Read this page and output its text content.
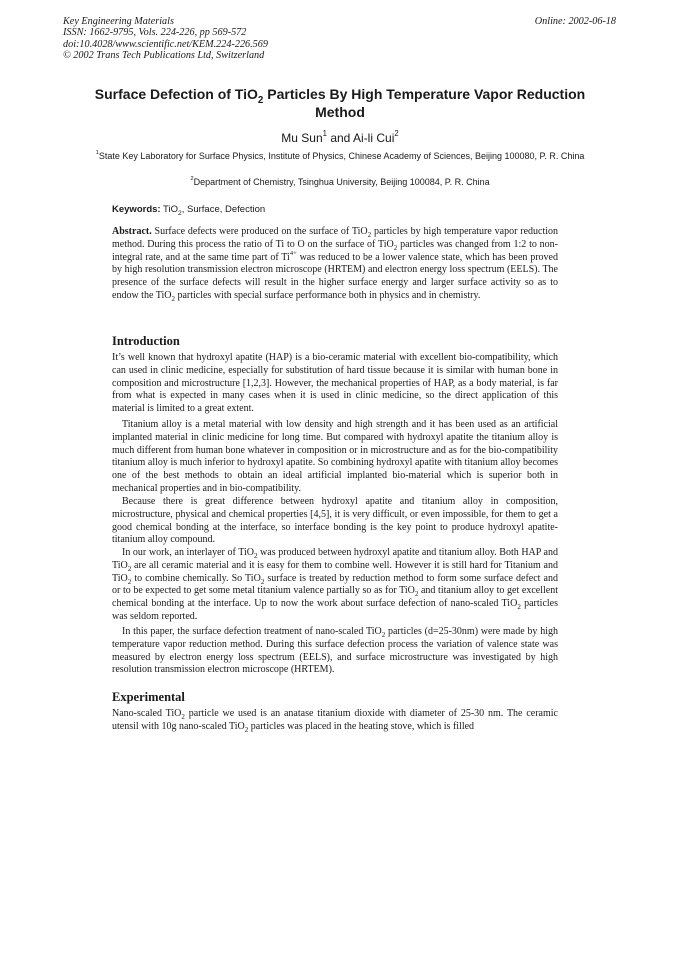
Key Engineering Materials
ISSN: 1662-9795, Vols. 224-226, pp 569-572
doi:10.4028/www.scientific.net/KEM.224-226.569
© 2002 Trans Tech Publications Ltd, Switzerland
Online: 2002-06-18
Surface Defection of TiO$_2$ Particles By High Temperature Vapor Reduction Method
Mu Sun$^1$ and Ai-li Cui$^2$
$^1$State Key Laboratory for Surface Physics, Institute of Physics, Chinese Academy of Sciences, Beijing 100080, P. R. China
$^2$Department of Chemistry, Tsinghua University, Beijing 100084, P. R. China
Keywords: TiO$_2$, Surface, Defection
Abstract. Surface defects were produced on the surface of TiO$_2$ particles by high temperature vapor reduction method. During this process the ratio of Ti to O on the surface of TiO$_2$ particles was changed from 1:2 to non-integral rate, and at the same time part of $Ti^{4+}$ was reduced to be a lower valence state, which has been proved by high resolution transmission electron microscope (HRTEM) and electron energy loss spectrum (EELS). The presence of the surface defects will result in the higher surface energy and larger surface activity so as to endow the TiO$_2$ particles with special surface performance both in physics and in chemistry.
Introduction
It’s well known that hydroxyl apatite (HAP) is a bio-ceramic material with excellent bio-compatibility, which can used in clinic medicine, especially for substitution of hard tissue because it is similar with human bone in composition and microstructure [1,2,3]. However, the mechanical properties of HAP, as a body material, is far from what is expected in many cases when it is used in clinic medicine, so the direct application of this material is limited to a great extent.
Titanium alloy is a metal material with low density and high strength and it has been used as an artificial implanted material in clinic medicine for long time. But compared with hydroxyl apatite the titanium alloy is much different from human bone whatever in composition or in microstructure and as for the bio-compatibility titanium alloy is much inferior to hydroxyl apatite. So combining hydroxyl apatite with titanium alloy becomes one of the best methods to obtain an ideal artificial implanted bio-material which is superior both in mechanical properties and in bio-compatibility.
Because there is great difference between hydroxyl apatite and titanium alloy in composition, microstructure, physical and chemical properties [4,5], it is very difficult, or even impossible, for them to get a good chemical bonding at the interface, so interface bonding is the key point to produce hydroxyl apatite-titanium alloy compound.
In our work, an interlayer of TiO$_2$ was produced between hydroxyl apatite and titanium alloy. Both HAP and TiO$_2$ are all ceramic material and it is easy for them to combine well. However it is still hard for Titanium and TiO$_2$ to combine chemically. So TiO$_2$ surface is treated by reduction method to form some surface defect and or to be expected to get some metal titanium valence partially so as for TiO$_2$ and titanium alloy to get excellent chemical bonding at the interface. Up to now the work about surface defection of nano-scaled TiO$_2$ particles was seldom reported.
In this paper, the surface defection treatment of nano-scaled TiO$_2$ particles (d=25-30nm) were made by high temperature vapor reduction method. During this surface defection process the variation of valence state was measured by electron energy loss spectrum (EELS), and surface microstructure was investigated by high resolution transmission electron microscope (HRTEM).
Experimental
Nano-scaled TiO$_2$ particle we used is an anatase titanium dioxide with diameter of 25-30 nm. The ceramic utensil with 10g nano-scaled TiO$_2$ particles was placed in the heating stove, which is filled
